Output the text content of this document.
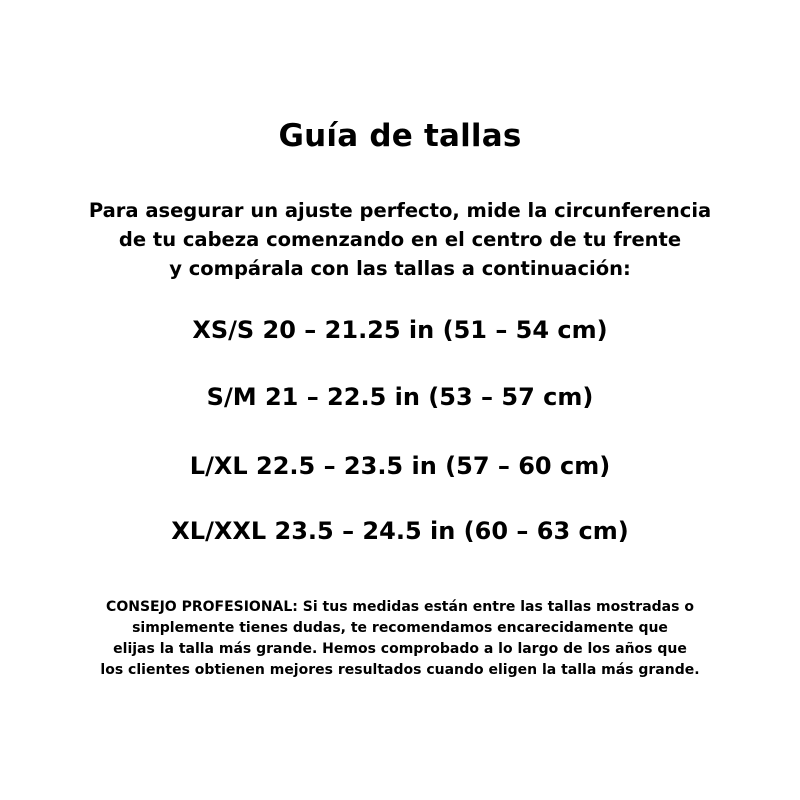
Guía de tallas
Para asegurar un ajuste perfecto, mide la circunferencia
de tu cabeza comenzando en el centro de tu frente
y compárala con las tallas a continuación:
XS/S 20 – 21.25 in (51 – 54 cm)
S/M 21 – 22.5 in (53 – 57 cm)
L/XL 22.5 – 23.5 in (57 – 60 cm)
XL/XXL 23.5 – 24.5 in (60 – 63 cm)
CONSEJO PROFESIONAL: Si tus medidas están entre las tallas mostradas o
simplemente tienes dudas, te recomendamos encarecidamente que
elijas la talla más grande. Hemos comprobado a lo largo de los años que
los clientes obtienen mejores resultados cuando eligen la talla más grande.
